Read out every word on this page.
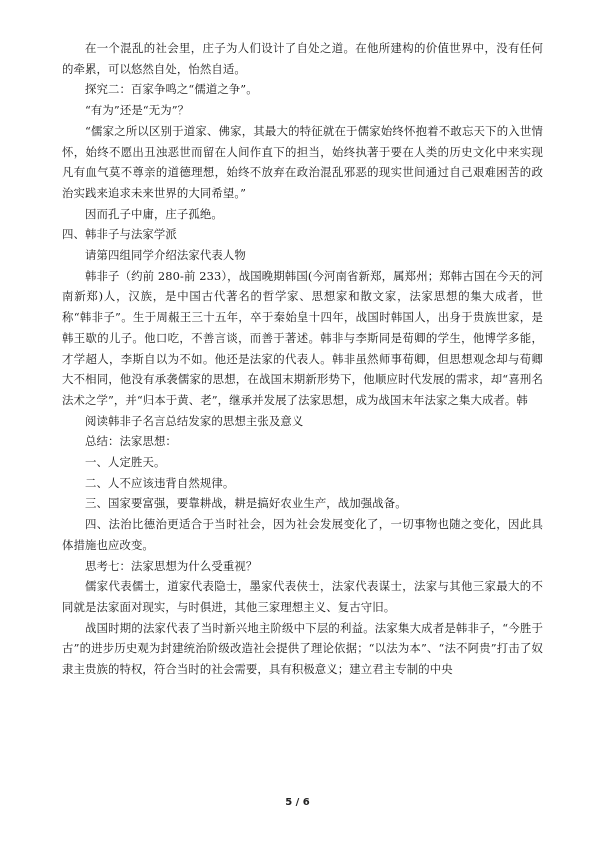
在一个混乱的社会里，庄子为人们设计了自处之道。在他所建构的价值世界中，没有任何的牵累，可以悠然自处，怡然自适。

探究二：百家争鸣之“儒道之争”。

“有为”还是“无为”？

“儒家之所以区别于道家、佛家，其最大的特征就在于儒家始终怀抱着不敢忘天下的入世情怀，始终不愿出丑浊恶世而留在人间作直下的担当，始终执著于要在人类的历史文化中来实现凡有血气莫不尊亲的道德理想，始终不放弃在政治混乱邪恶的现实世间通过自己艰难困苦的政治实践来追求未来世界的大同希望。”

因而孔子中庸，庄子孤绝。

四、韩非子与法家学派

请第四组同学介绍法家代表人物

韩非子（约前 280-前 233），战国晚期韩国(今河南省新郑，属郑州；郑韩古国在今天的河南新郑)人，汉族，是中国古代著名的哲学家、思想家和散文家，法家思想的集大成者，世称“韩非子”。生于周赧王三十五年，卒于秦始皇十四年，战国时韩国人，出身于贵族世家，是韩王歇的儿子。他口吃，不善言谈，而善于著述。韩非与李斯同是荀卿的学生，他博学多能，才学超人，李斯自以为不如。他还是法家的代表人。韩非虽然师事荀卿，但思想观念却与荀卿大不相同，他没有承袭儒家的思想，在战国末期新形势下，他顺应时代发展的需求，却“喜刑名法术之学”，并“归本于黄、老”，继承并发展了法家思想，成为战国末年法家之集大成者。韩

阅读韩非子名言总结发家的思想主张及意义

总结：法家思想：

一、人定胜天。

二、人不应该违背自然规律。

三、国家要富强，要靠耕战，耕是搞好农业生产，战加强战备。

四、法治比德治更适合于当时社会，因为社会发展变化了，一切事物也随之变化，因此具体措施也应改变。

思考七：法家思想为什么受重视？

儒家代表儒士，道家代表隐士，墨家代表侠士，法家代表谋士，法家与其他三家最大的不同就是法家面对现实，与时俱进，其他三家理想主义、复古守旧。

战国时期的法家代表了当时新兴地主阶级中下层的利益。法家集大成者是韩非子，“今胜于古”的进步历史观为封建统治阶级改造社会提供了理论依据；“以法为本”、“法不阿贵”打击了奴隶主贵族的特权，符合当时的社会需要，具有积极意义；建立君主专制的中央

5 / 6
